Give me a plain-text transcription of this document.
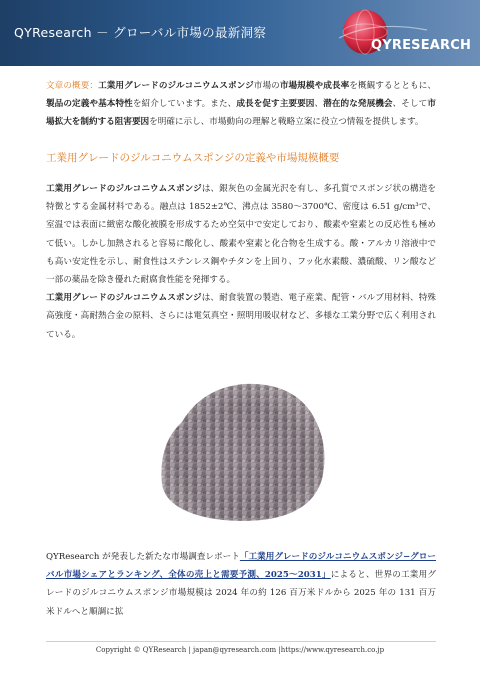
QYResearch － グローバル市場の最新洞察
QYRESEARCH

文章の概要：工業用グレードのジルコニウムスポンジ市場の市場規模や成長率を概観するとともに、製品の定義や基本特性を紹介しています。また、成長を促す主要要因、潜在的な発展機会、そして市場拡大を制約する阻害要因を明確に示し、市場動向の理解と戦略立案に役立つ情報を提供します。

工業用グレードのジルコニウムスポンジの定義や市場規模概要

工業用グレードのジルコニウムスポンジは、銀灰色の金属光沢を有し、多孔質でスポンジ状の構造を特徴とする金属材料である。融点は 1852±2℃、沸点は 3580～3700℃、密度は 6.51 g/cm³で、室温では表面に緻密な酸化被膜を形成するため空気中で安定しており、酸素や窒素との反応性も極めて低い。しかし加熱されると容易に酸化し、酸素や窒素と化合物を生成する。酸・アルカリ溶液中でも高い安定性を示し、耐食性はステンレス鋼やチタンを上回り、フッ化水素酸、濃硫酸、リン酸など一部の薬品を除き優れた耐腐食性能を発揮する。

工業用グレードのジルコニウムスポンジは、耐食装置の製造、電子産業、配管・バルブ用材料、特殊高強度・高耐熱合金の原料、さらには電気真空・照明用吸収材など、多様な工業分野で広く利用されている。

QYResearch が発表した新たな市場調査レポート「工業用グレードのジルコニウムスポンジ−グローバル市場シェアとランキング、全体の売上と需要予測、2025～2031」によると、世界の工業用グレードのジルコニウムスポンジ市場規模は 2024 年の約 126 百万米ドルから 2025 年の 131 百万米ドルへと順調に拡

Copyright © QYResearch | japan@qyresearch.com |https://www.qyresearch.co.jp
